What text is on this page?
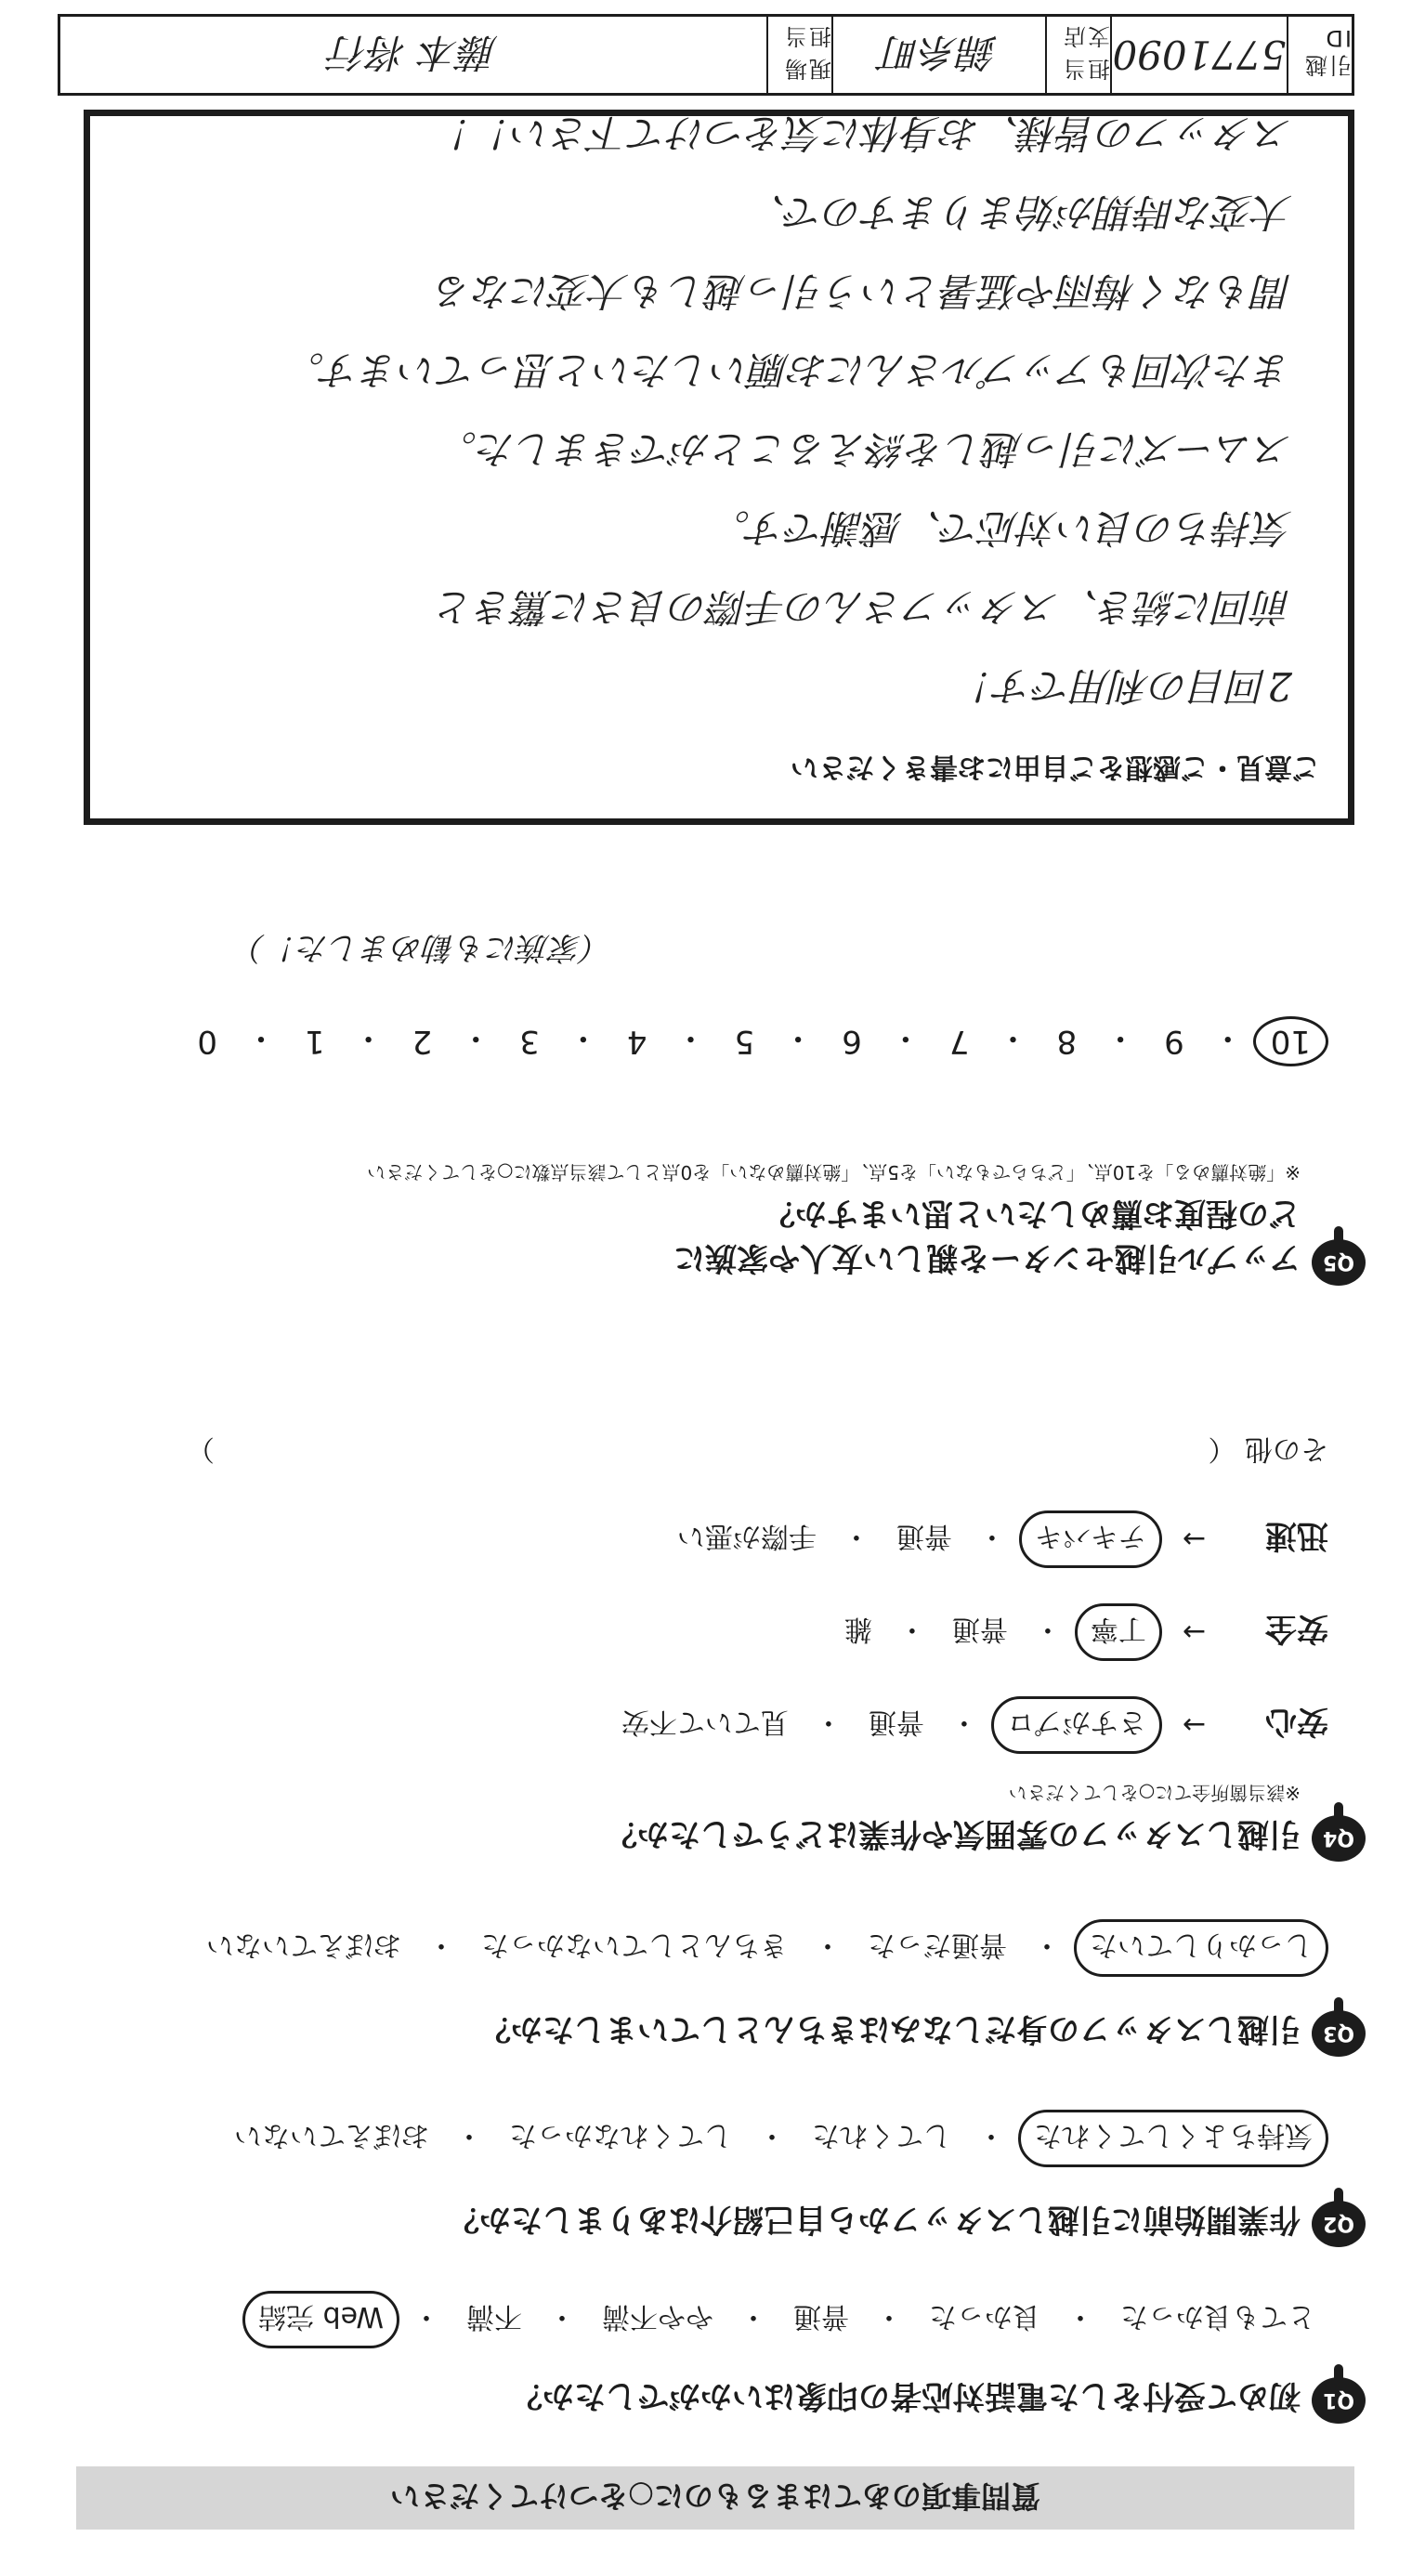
質問事項のあてはまるものに○をつけてください
Q1
初めて受付をした電話対応者の印象はいかがでしたか？
とても良かった
・
良かった
・
普通
・
やや不満
・
不満
・
Web 完結
Q2
作業開始前に引越しスタッフから自己紹介はありましたか？
気持ちよくしてくれた
・
してくれた
・
してくれなかった
・
おぼえていない
Q3
引越しスタッフの身だしなみはきちんとしていましたか？
しっかりしていた
・
普通だった
・
きちんとしていなかった
・
おぼえていない
Q4
引越しスタッフの雰囲気や作業はどうでしたか？
※該当箇所全てに○をしてください
安心
→
さすがプロ
・
普通
・
見ていて不安
安全
→
丁寧
・
普通
・
雑
迅速
→
テキパキ
・
普通
・
手際が悪い
その他 （ ）
Q5
アップル引越センターを親しい友人や家族に
どの程度お薦めしたいと思いますか？
※「絶対薦める」を10点、「どちらでもない」を5点、「絶対薦めない」を0点として該当点数に○をしてください
10
・
9
・
8
・
7
・
6
・
5
・
4
・
3
・
2
・
1
・
0
（家族にも勧めました！）
ご意見・ご感想をご自由にお書きください
2回目の利用です！
前回に続き、スタッフさんの手際の良さに驚きと
気持ちの良い対応で、感謝です。
スムーズに引っ越しを終えることができました。
また次回もアップルさんにお願いしたいと思っています。
間もなく梅雨や猛暑という引っ越しも大変になる
大変な時期が始まりますので、
スタッフの皆様、お身体に気をつけて下さい！！
引越ID
5771090
担当支店
錦糸町
現場担当
藤本 将行
